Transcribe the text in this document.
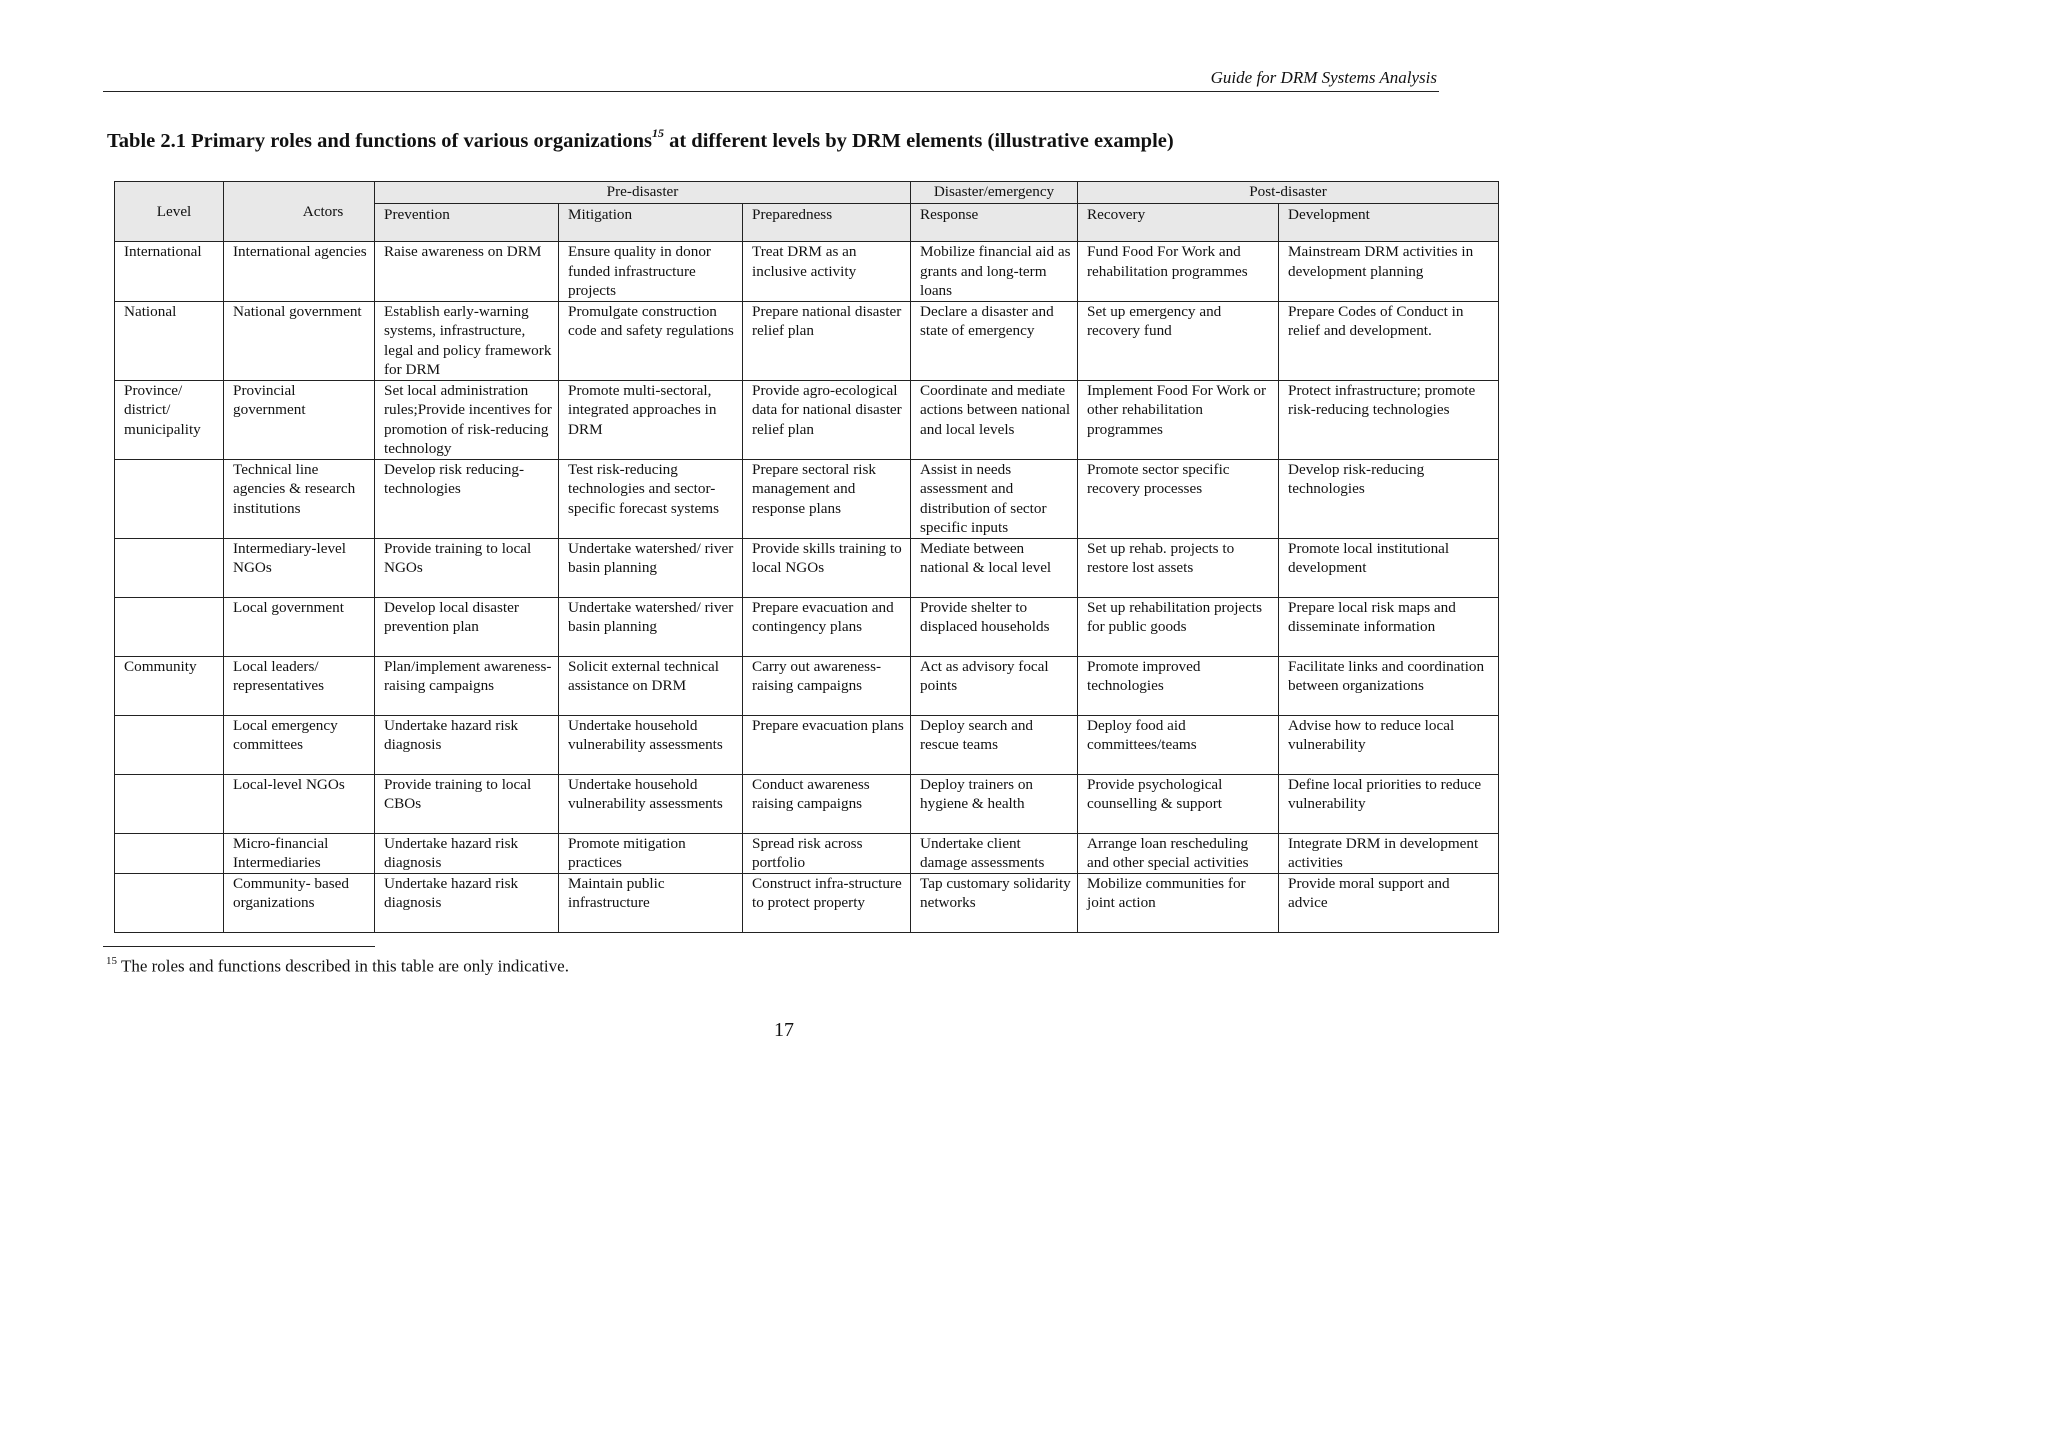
Guide for DRM Systems Analysis
Table 2.1 Primary roles and functions of various organizations$^{15}$ at different levels by DRM elements (illustrative example)
Level	Actors	Pre-disaster			Disaster/emergency	Post-disaster	
		Prevention	Mitigation	Preparedness	Response	Recovery	Development
International	International agencies	Raise awareness on DRM	Ensure quality in donor funded infrastructure projects	Treat DRM as an inclusive activity	Mobilize financial aid as grants and long-term loans	Fund Food For Work and rehabilitation programmes	Mainstream DRM activities in development planning
National	National government	Establish early-warning systems, infrastructure, legal and policy framework for DRM	Promulgate construction code and safety regulations	Prepare national disaster relief plan	Declare a disaster and state of emergency	Set up emergency and recovery fund	Prepare Codes of Conduct in relief and development.
Province/ district/ municipality	Provincial government	Set local administration rules;Provide incentives for promotion of risk-reducing technology	Promote multi-sectoral, integrated approaches in DRM	Provide agro-ecological data for national disaster relief plan	Coordinate and mediate actions between national and local levels	Implement Food For Work or other rehabilitation programmes	Protect infrastructure; promote risk-reducing technologies
	Technical line agencies & research institutions	Develop risk reducing-technologies	Test risk-reducing technologies and sector-specific forecast systems	Prepare sectoral risk management and response plans	Assist in needs assessment and distribution of sector specific inputs	Promote sector specific recovery processes	Develop risk-reducing technologies
	Intermediary-level NGOs	Provide training to local NGOs	Undertake watershed/ river basin planning	Provide skills training to local NGOs	Mediate between national & local level	Set up rehab. projects to restore lost assets	Promote local institutional development
	Local government	Develop local disaster prevention plan	Undertake watershed/ river basin planning	Prepare evacuation and contingency plans	Provide shelter to displaced households	Set up rehabilitation projects for public goods	Prepare local risk maps and disseminate information
Community	Local leaders/ representatives	Plan/implement awareness-raising campaigns	Solicit external technical assistance on DRM	Carry out awareness-raising campaigns	Act as advisory focal points	Promote improved technologies	Facilitate links and coordination between organizations
	Local emergency committees	Undertake hazard risk diagnosis	Undertake household vulnerability assessments	Prepare evacuation plans	Deploy search and rescue teams	Deploy food aid committees/teams	Advise how to reduce local vulnerability
	Local-level NGOs	Provide training to local CBOs	Undertake household vulnerability assessments	Conduct awareness raising campaigns	Deploy trainers on hygiene & health	Provide psychological counselling & support	Define local priorities to reduce vulnerability
	Micro-financial Intermediaries	Undertake hazard risk diagnosis	Promote mitigation practices	Spread risk across portfolio	Undertake client damage assessments	Arrange loan rescheduling and other special activities	Integrate DRM in development activities
	Community- based organizations	Undertake hazard risk diagnosis	Maintain public infrastructure	Construct infra-structure to protect property	Tap customary solidarity networks	Mobilize communities for joint action	Provide moral support and advice
$^{15}$ The roles and functions described in this table are only indicative.
17
